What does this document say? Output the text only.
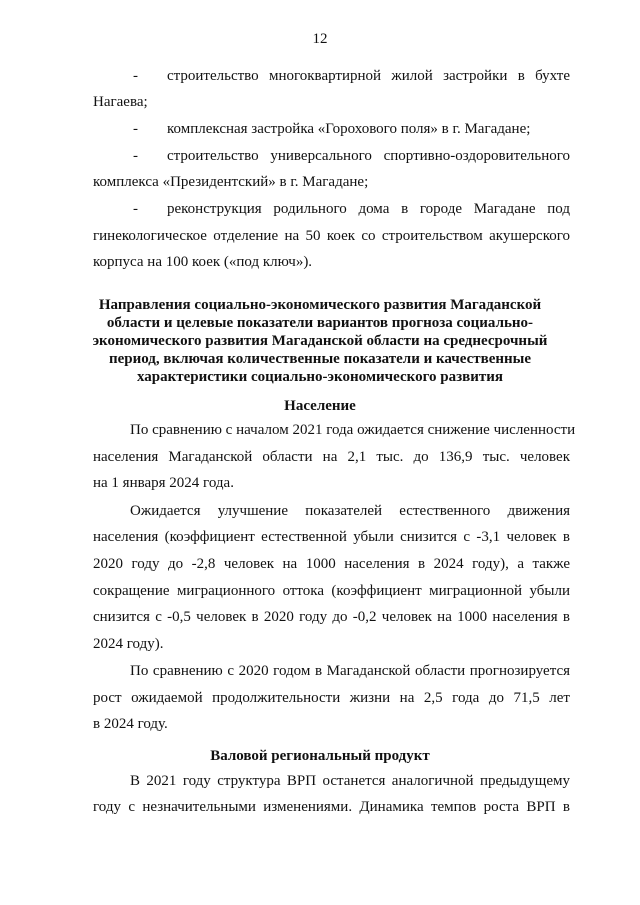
12
-	строительство многоквартирной жилой застройки в бухте
Нагаева;
-	комплексная застройка «Горохового поля» в г. Магадане;
-	строительство универсального спортивно-оздоровительного
комплекса «Президентский» в г. Магадане;
-	реконструкция родильного дома в городе Магадане под
гинекологическое отделение на 50 коек со строительством акушерского
корпуса на 100 коек («под ключ»).
Направления социально-экономического развития Магаданской
области и целевые показатели вариантов прогноза социально-
экономического развития Магаданской области на среднесрочный
период, включая количественные показатели и качественные
характеристики социально-экономического развития
Население
По сравнению с началом 2021 года ожидается снижение численности
населения Магаданской области на 2,1 тыс. до 136,9 тыс. человек
на 1 января 2024 года.
Ожидается улучшение показателей естественного движения
населения (коэффициент естественной убыли снизится с -3,1 человек в
2020 году до -2,8 человек на 1000 населения в 2024 году), а также
сокращение миграционного оттока (коэффициент миграционной убыли
снизится с -0,5 человек в 2020 году до -0,2 человек на 1000 населения в
2024 году).
По сравнению с 2020 годом в Магаданской области прогнозируется
рост ожидаемой продолжительности жизни на 2,5 года до 71,5 лет
в 2024 году.
Валовой региональный продукт
В 2021 году структура ВРП останется аналогичной предыдущему
году с незначительными изменениями. Динамика темпов роста ВРП в
